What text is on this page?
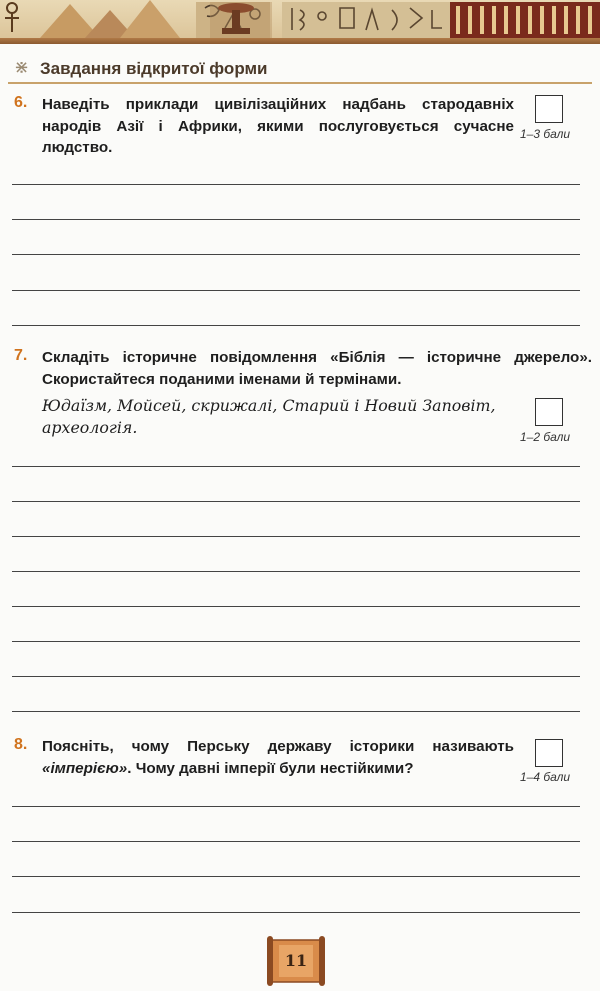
⋇ Завдання відкритої форми
6. Наведіть приклади цивілізаційних надбань стародавніх народів Азії і Африки, якими послуговується сучасне людство.

1–3 бали
7. Складіть історичне повідомлення «Біблія — історичне джерело». Скористайтеся поданими іменами й термінами.

Юдаїзм, Мойсей, скрижалі, Старий і Новий Заповіт, археологія.	1–2 бали
8. Поясніть, чому Перську державу історики називають «імперією». Чому давні імперії були нестійкими?

1–4 бали
11
